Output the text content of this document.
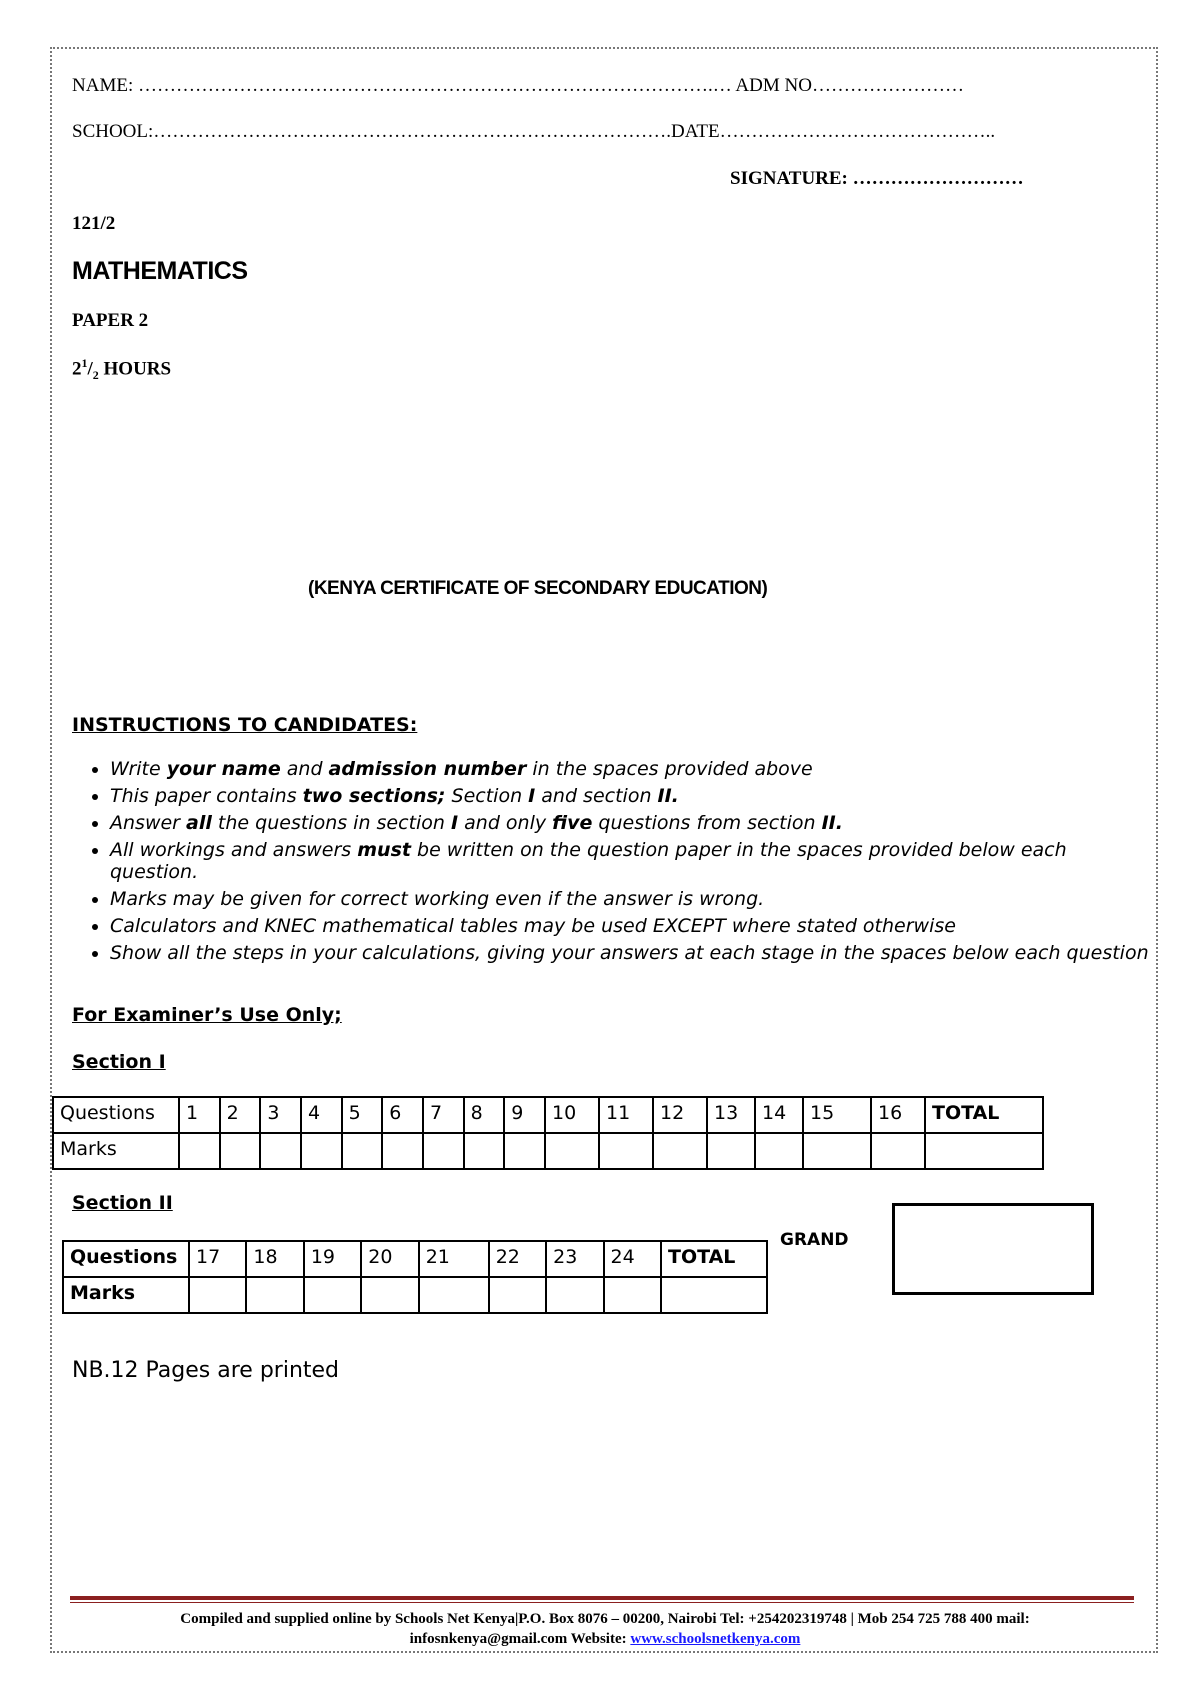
NAME: ……………………………………………………………………………….… ADM NO……………………
SCHOOL:……………………………………………………………………….DATE……………………………………..
SIGNATURE: ………………………
121/2
MATHEMATICS
PAPER 2
$2^1/_2$ HOURS
(KENYA CERTIFICATE OF SECONDARY EDUCATION)
INSTRUCTIONS TO CANDIDATES:
• Write your name and admission number in the spaces provided above
• This paper contains two sections; Section I and section II.
• Answer all the questions in section I and only five questions from section II.
• All workings and answers must be written on the question paper in the spaces provided below each question.
• Marks may be given for correct working even if the answer is wrong.
• Calculators and KNEC mathematical tables may be used EXCEPT where stated otherwise
• Show all the steps in your calculations, giving your answers at each stage in the spaces below each question
For Examiner’s Use Only;
Section I
Questions	1	2	3	4	5	6	7	8	9	10	11	12	13	14	15	16	TOTAL
Marks																	
Section II
Questions	17	18	19	20	21	22	23	24	TOTAL
Marks									
GRAND
NB.12 Pages are printed
Compiled and supplied online by Schools Net Kenya|P.O. Box 8076 – 00200, Nairobi Tel: +254202319748 | Mob 254 725 788 400 mail:
infosnkenya@gmail.com Website: www.schoolsnetkenya.com
